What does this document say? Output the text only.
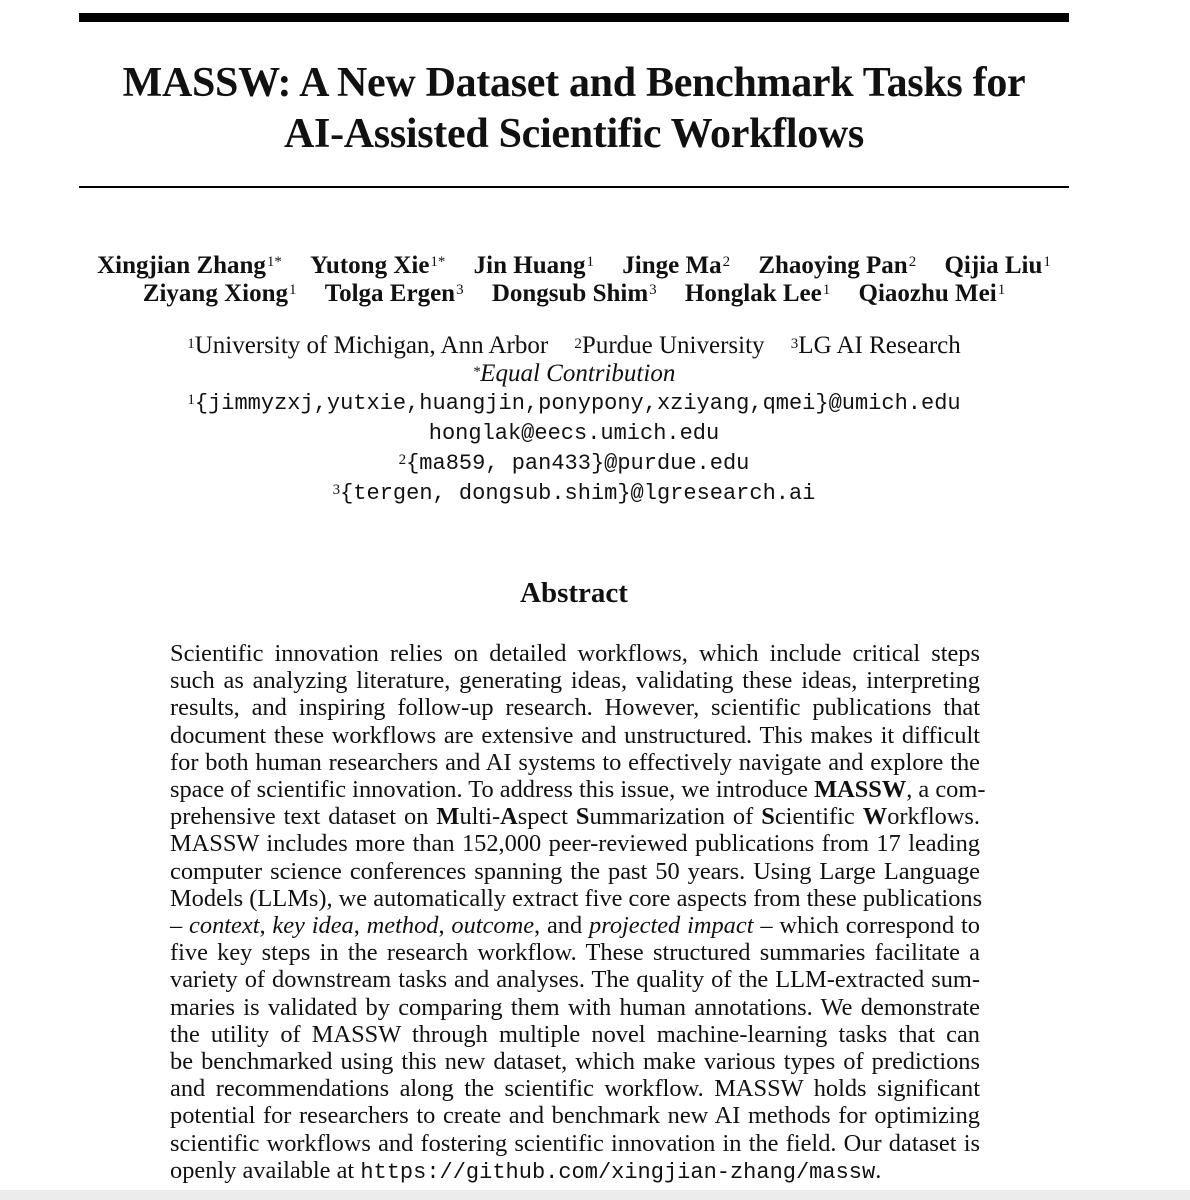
MASSW: A New Dataset and Benchmark Tasks for
AI-Assisted Scientific Workflows
Xingjian Zhang$^{1*}$ Yutong Xie$^{1*}$ Jin Huang$^1$ Jinge Ma$^2$ Zhaoying Pan$^2$ Qijia Liu$^1$
Ziyang Xiong$^1$ Tolga Ergen$^3$ Dongsub Shim$^3$ Honglak Lee$^1$ Qiaozhu Mei$^1$
$^1$University of Michigan, Ann Arbor $^2$Purdue University $^3$LG AI Research
*Equal Contribution
$^1${jimmyzxj,yutxie,huangjin,ponypony,xziyang,qmei}@umich.edu
honglak@eecs.umich.edu
$^2${ma859, pan433}@purdue.edu
$^3${tergen, dongsub.shim}@lgresearch.ai
Abstract
Scientific innovation relies on detailed workflows, which include critical steps
such as analyzing literature, generating ideas, validating these ideas, interpreting
results, and inspiring follow-up research. However, scientific publications that
document these workflows are extensive and unstructured. This makes it difficult
for both human researchers and AI systems to effectively navigate and explore the
space of scientific innovation. To address this issue, we introduce MASSW, a com-
prehensive text dataset on Multi-Aspect Summarization of Scientific Workflows.
MASSW includes more than 152,000 peer-reviewed publications from 17 leading
computer science conferences spanning the past 50 years. Using Large Language
Models (LLMs), we automatically extract five core aspects from these publications
– context, key idea, method, outcome, and projected impact – which correspond to
five key steps in the research workflow. These structured summaries facilitate a
variety of downstream tasks and analyses. The quality of the LLM-extracted sum-
maries is validated by comparing them with human annotations. We demonstrate
the utility of MASSW through multiple novel machine-learning tasks that can
be benchmarked using this new dataset, which make various types of predictions
and recommendations along the scientific workflow. MASSW holds significant
potential for researchers to create and benchmark new AI methods for optimizing
scientific workflows and fostering scientific innovation in the field. Our dataset is
openly available at https://github.com/xingjian-zhang/massw.
